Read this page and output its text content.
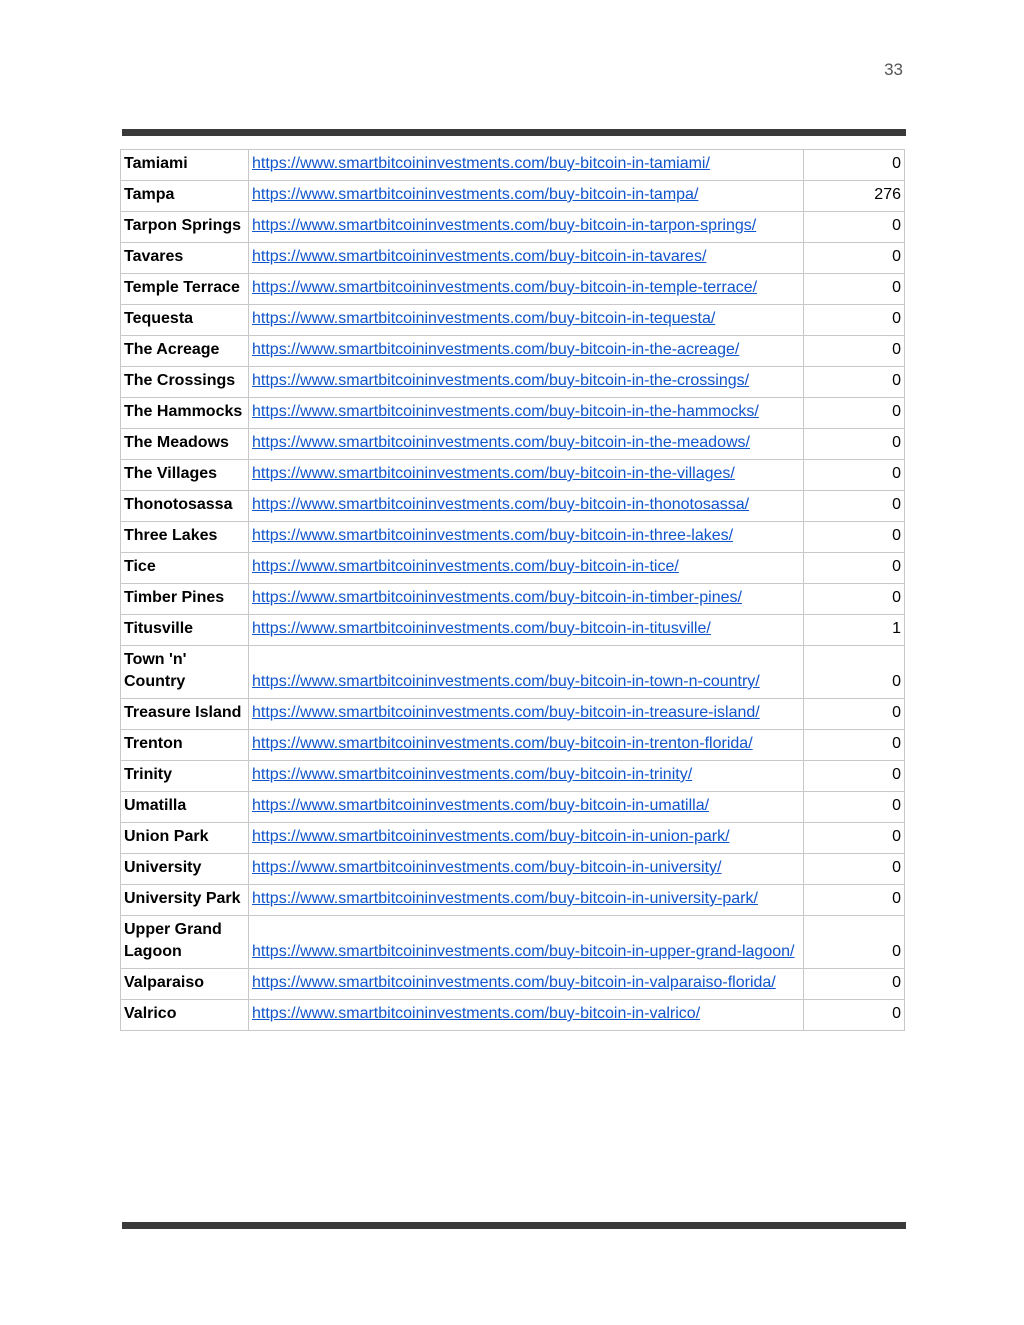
33
Tamiami	https://www.smartbitcoininvestments.com/buy-bitcoin-in-tamiami/	0
Tampa	https://www.smartbitcoininvestments.com/buy-bitcoin-in-tampa/	276
Tarpon Springs	https://www.smartbitcoininvestments.com/buy-bitcoin-in-tarpon-springs/	0
Tavares	https://www.smartbitcoininvestments.com/buy-bitcoin-in-tavares/	0
Temple Terrace	https://www.smartbitcoininvestments.com/buy-bitcoin-in-temple-terrace/	0
Tequesta	https://www.smartbitcoininvestments.com/buy-bitcoin-in-tequesta/	0
The Acreage	https://www.smartbitcoininvestments.com/buy-bitcoin-in-the-acreage/	0
The Crossings	https://www.smartbitcoininvestments.com/buy-bitcoin-in-the-crossings/	0
The Hammocks	https://www.smartbitcoininvestments.com/buy-bitcoin-in-the-hammocks/	0
The Meadows	https://www.smartbitcoininvestments.com/buy-bitcoin-in-the-meadows/	0
The Villages	https://www.smartbitcoininvestments.com/buy-bitcoin-in-the-villages/	0
Thonotosassa	https://www.smartbitcoininvestments.com/buy-bitcoin-in-thonotosassa/	0
Three Lakes	https://www.smartbitcoininvestments.com/buy-bitcoin-in-three-lakes/	0
Tice	https://www.smartbitcoininvestments.com/buy-bitcoin-in-tice/	0
Timber Pines	https://www.smartbitcoininvestments.com/buy-bitcoin-in-timber-pines/	0
Titusville	https://www.smartbitcoininvestments.com/buy-bitcoin-in-titusville/	1
Town 'n' Country	https://www.smartbitcoininvestments.com/buy-bitcoin-in-town-n-country/	0
Treasure Island	https://www.smartbitcoininvestments.com/buy-bitcoin-in-treasure-island/	0
Trenton	https://www.smartbitcoininvestments.com/buy-bitcoin-in-trenton-florida/	0
Trinity	https://www.smartbitcoininvestments.com/buy-bitcoin-in-trinity/	0
Umatilla	https://www.smartbitcoininvestments.com/buy-bitcoin-in-umatilla/	0
Union Park	https://www.smartbitcoininvestments.com/buy-bitcoin-in-union-park/	0
University	https://www.smartbitcoininvestments.com/buy-bitcoin-in-university/	0
University Park	https://www.smartbitcoininvestments.com/buy-bitcoin-in-university-park/	0
Upper Grand Lagoon	https://www.smartbitcoininvestments.com/buy-bitcoin-in-upper-grand-lagoon/	0
Valparaiso	https://www.smartbitcoininvestments.com/buy-bitcoin-in-valparaiso-florida/	0
Valrico	https://www.smartbitcoininvestments.com/buy-bitcoin-in-valrico/	0
